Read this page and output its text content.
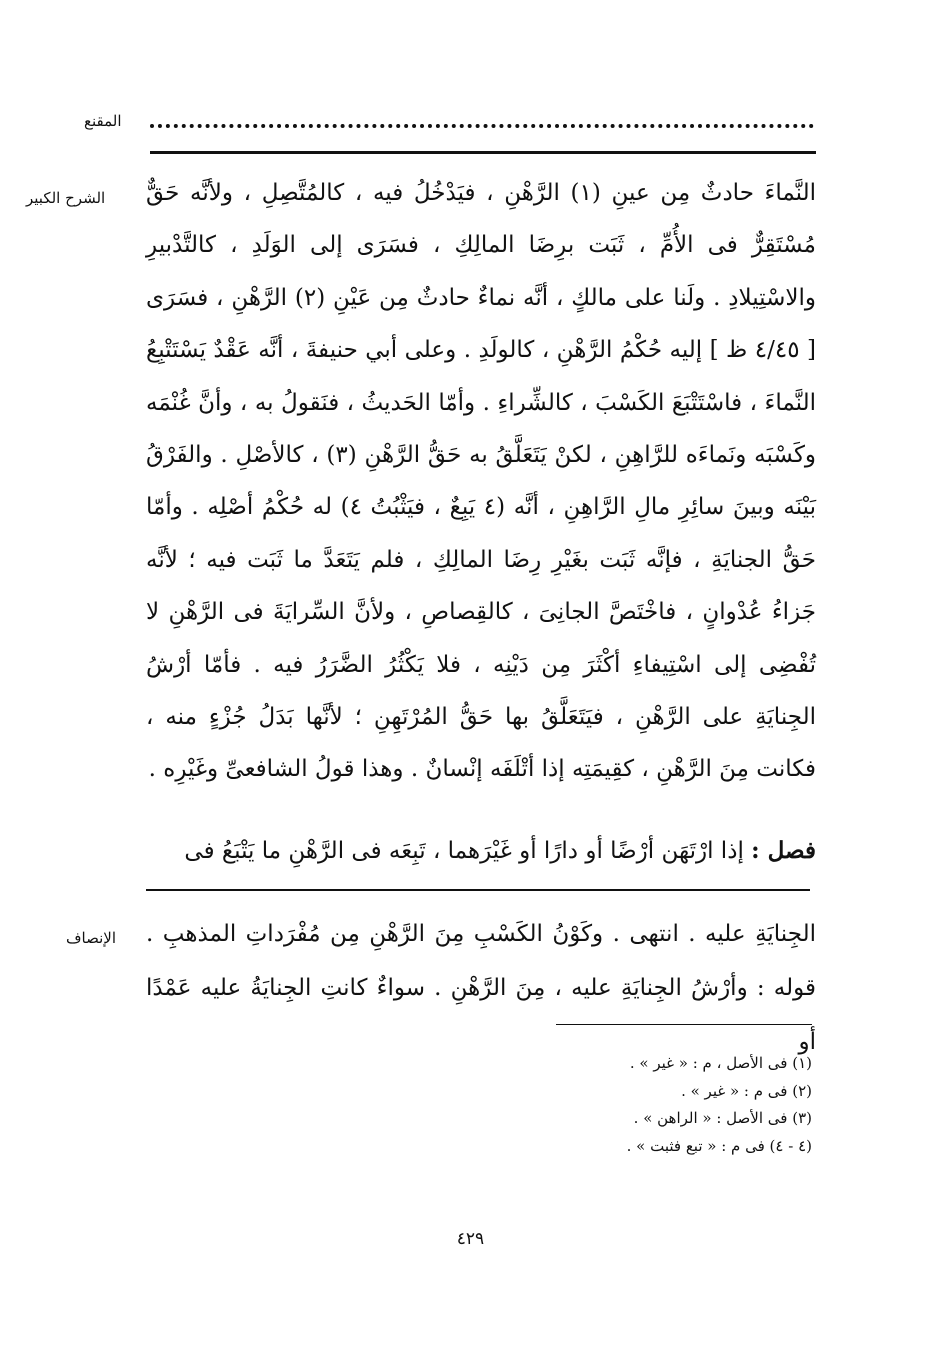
المقنع
الشرح الكبير النَّماءَ حادثٌ مِن عينِ (١) الرَّهْنِ ، فيَدْخُلُ فيه ، كالمُتَّصِلِ ، ولأنَّه حَقٌّ مُسْتَقِرٌّ فى الأُمِّ ، ثَبَت برِضَا المالِكِ ، فسَرَى إلى الوَلَدِ ، كالتَّدْبيرِ والاسْتِيلادِ . ولَنا على مالكٍ ، أنَّه نماءٌ حادثٌ مِن عَيْنِ (٢) الرَّهْنِ ، فسَرَى [ ٤/٤٥ ظ ] إليه حُكْمُ الرَّهْنِ ، كالولَدِ . وعلى أبي حنيفةَ ، أنَّه عَقْدٌ يَسْتَتْبِعُ النَّماءَ ، فاسْتَتْبَعَ الكَسْبَ ، كالشِّراءِ . وأمّا الحَديثُ ، فنَقولُ به ، وأنَّ غُنْمَه وكَسْبَه ونَماءَه للرَّاهِنِ ، لكنْ يَتَعَلَّقُ به حَقُّ الرَّهْنِ (٣) ، كالأصْلِ . والفَرْقُ بَيْنَه وبينَ سائِرِ مالِ الرَّاهِنِ ، أنَّه (٤ يَبِعٌ ، فيَثْبُتُ ٤) له حُكْمُ أصْلِه . وأمّا حَقُّ الجنايَةِ ، فإنَّه ثَبَت بغَيْرِ رِضَا المالِكِ ، فلم يَتَعَدَّ ما ثَبَت فيه ؛ لأنَّه جَزاءُ عُدْوانٍ ، فاخْتَصَّ الجانِىَ ، كالقِصاصِ ، ولأنَّ السِّرايَةَ فى الرَّهْنِ لا تُفْضِى إلى اسْتِيفاءِ أكْثَرَ مِن دَيْنِه ، فلا يَكْثُرُ الضَّرَرُ فيه . فأمّا أرْشُ الجِنايَةِ على الرَّهْنِ ، فيَتَعَلَّقُ بها حَقُّ المُرْتَهِنِ ؛ لأنَّها بَدَلُ جُزْءٍ منه ، فكانت مِنَ الرَّهْنِ ، كقِيمَتِه إذا أتْلَفَه إنْسانٌ . وهذا قولُ الشافعىِّ وغَيْرِه .
فصل : إذا ارْتَهَن أرْضًا أو دارًا أو غَيْرَهما ، تَبِعَه فى الرَّهْنِ ما يَتْبَعُ فى
الإنصاف الجِنايَةِ عليه . انتهى . وكَوْنُ الكَسْبِ مِنَ الرَّهْنِ مِن مُفْرَداتِ المذهبِ . قوله : وأرْشُ الجِنايَةِ عليه ، مِنَ الرَّهْنِ . سواءٌ كانتِ الجِنايَةُ عليه عَمْدًا أو
(١) فى الأصل ، م : « غير » .
(٢) فى م : « غير » .
(٣) فى الأصل : « الراهن » .
(٤ - ٤) فى م : « تبع فثبت » .
٤٢٩
